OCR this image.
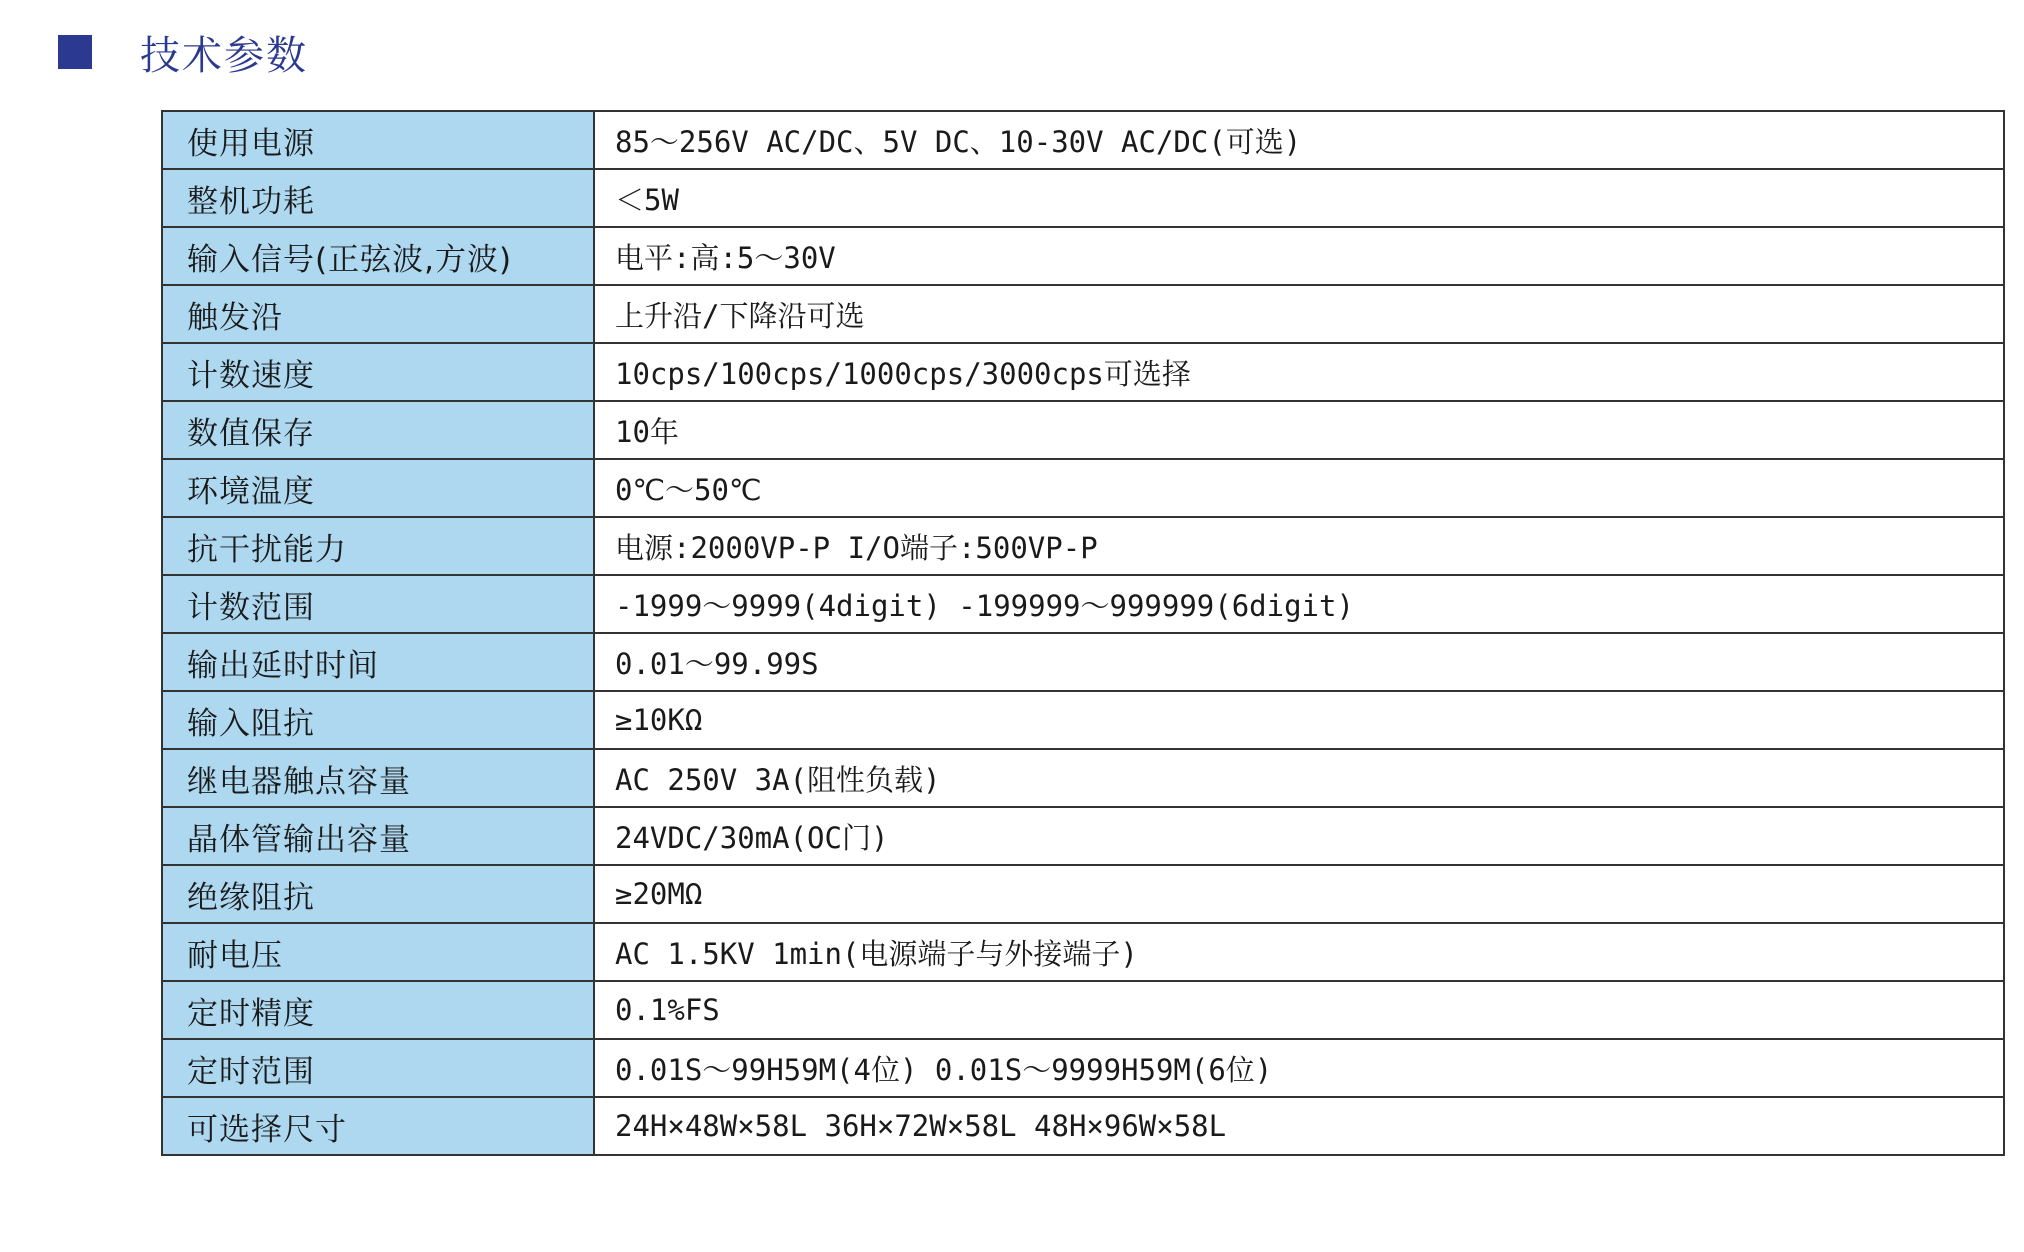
技术参数
使用电源	85～256V AC/DC、5V DC、10-30V AC/DC(可选)
整机功耗	＜5W
输入信号(正弦波,方波)	电平:高:5～30V
触发沿	上升沿/下降沿可选
计数速度	10cps/100cps/1000cps/3000cps可选择
数值保存	10年
环境温度	0℃～50℃
抗干扰能力	电源:2000VP-P I/O端子:500VP-P
计数范围	-1999～9999(4digit) -199999～999999(6digit)
输出延时时间	0.01～99.99S
输入阻抗	≥10KΩ
继电器触点容量	AC 250V 3A(阻性负载)
晶体管输出容量	24VDC/30mA(OC门)
绝缘阻抗	≥20MΩ
耐电压	AC 1.5KV 1min(电源端子与外接端子)
定时精度	0.1%FS
定时范围	0.01S～99H59M(4位) 0.01S～9999H59M(6位)
可选择尺寸	24H×48W×58L 36H×72W×58L 48H×96W×58L
